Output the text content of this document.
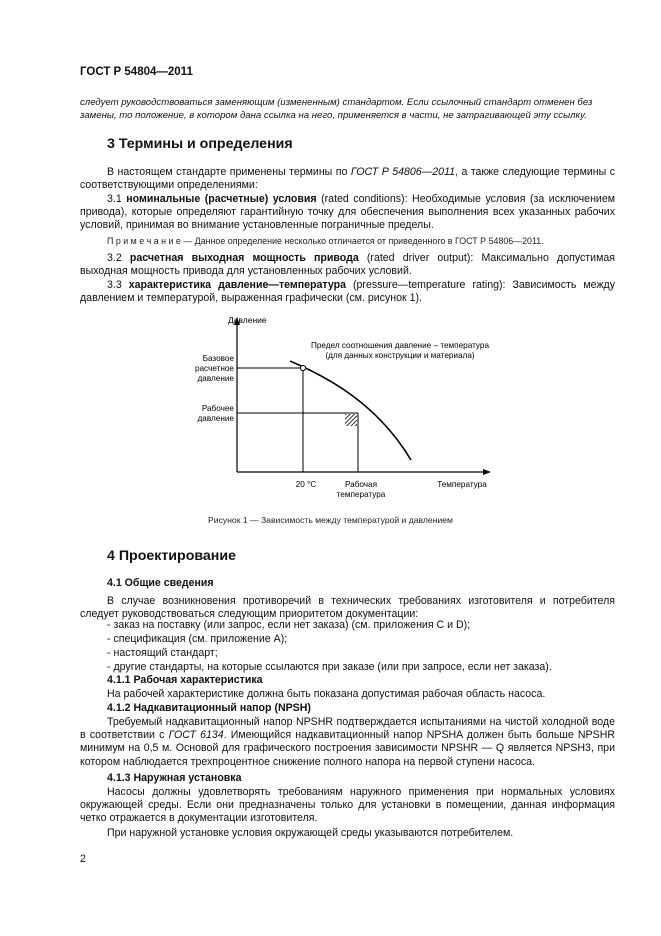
ГОСТ Р 54804—2011

следует руководствоваться заменяющим (измененным) стандартом. Если ссылочный стандарт отменен без
замены, то положение, в котором дана ссылка на него, применяется в части, не затрагивающей эту ссылку.

3 Термины и определения

В настоящем стандарте применены термины по ГОСТ Р 54806—2011, а также следующие термины с соответствующими определениями:

3.1 номинальные (расчетные) условия (rated conditions): Необходимые условия (за исключением привода), которые определяют гарантийную точку для обеспечения выполнения всех указанных рабочих условий, принимая во внимание установленные пограничные пределы.

П р и м е ч а н и е — Данное определение несколько отличается от приведенного в ГОСТ Р 54806—2011.

3.2 расчетная выходная мощность привода (rated driver output): Максимально допустимая выходная мощность привода для установленных рабочих условий.

3.3 характеристика давление—температура (pressure—temperature rating): Зависимость между давлением и температурой, выраженная графически (см. рисунок 1).

Давление
Предел соотношения давление – температура
(для данных конструкции и материала)
Базовое
расчетное
давление
Рабочее
давление
20 °С	Рабочая
температура
Температура
Рисунок 1 — Зависимость между температурой и давлением
4 Проектирование
4.1 Общие сведения

В случае возникновения противоречий в технических требованиях изготовителя и потребителя следует руководствоваться следующим приоритетом документации:

- заказ на поставку (или запрос, если нет заказа) (см. приложения С и D);
- спецификация (см. приложение А);
- настоящий стандарт;
- другие стандарты, на которые ссылаются при заказе (или при запросе, если нет заказа).
4.1.1 Рабочая характеристика

На рабочей характеристике должна быть показана допустимая рабочая область насоса.

4.1.2 Надкавитационный напор (NPSH)

Требуемый надкавитационный напор NPSHR подтверждается испытаниями на чистой холодной воде в соответствии с ГОСТ 6134. Имеющийся надкавитационный напор NPSHA должен быть больше NPSHR минимум на 0,5 м. Основой для графического построения зависимости NPSHR — Q является NPSH3, при котором наблюдается трехпроцентное снижение полного напора на первой ступени насоса.

4.1.3 Наружная установка

Насосы должны удовлетворять требованиям наружного применения при нормальных условиях окружающей среды. Если они предназначены только для установки в помещении, данная информация четко отражается в документации изготовителя.

При наружной установке условия окружающей среды указываются потребителем.

2
